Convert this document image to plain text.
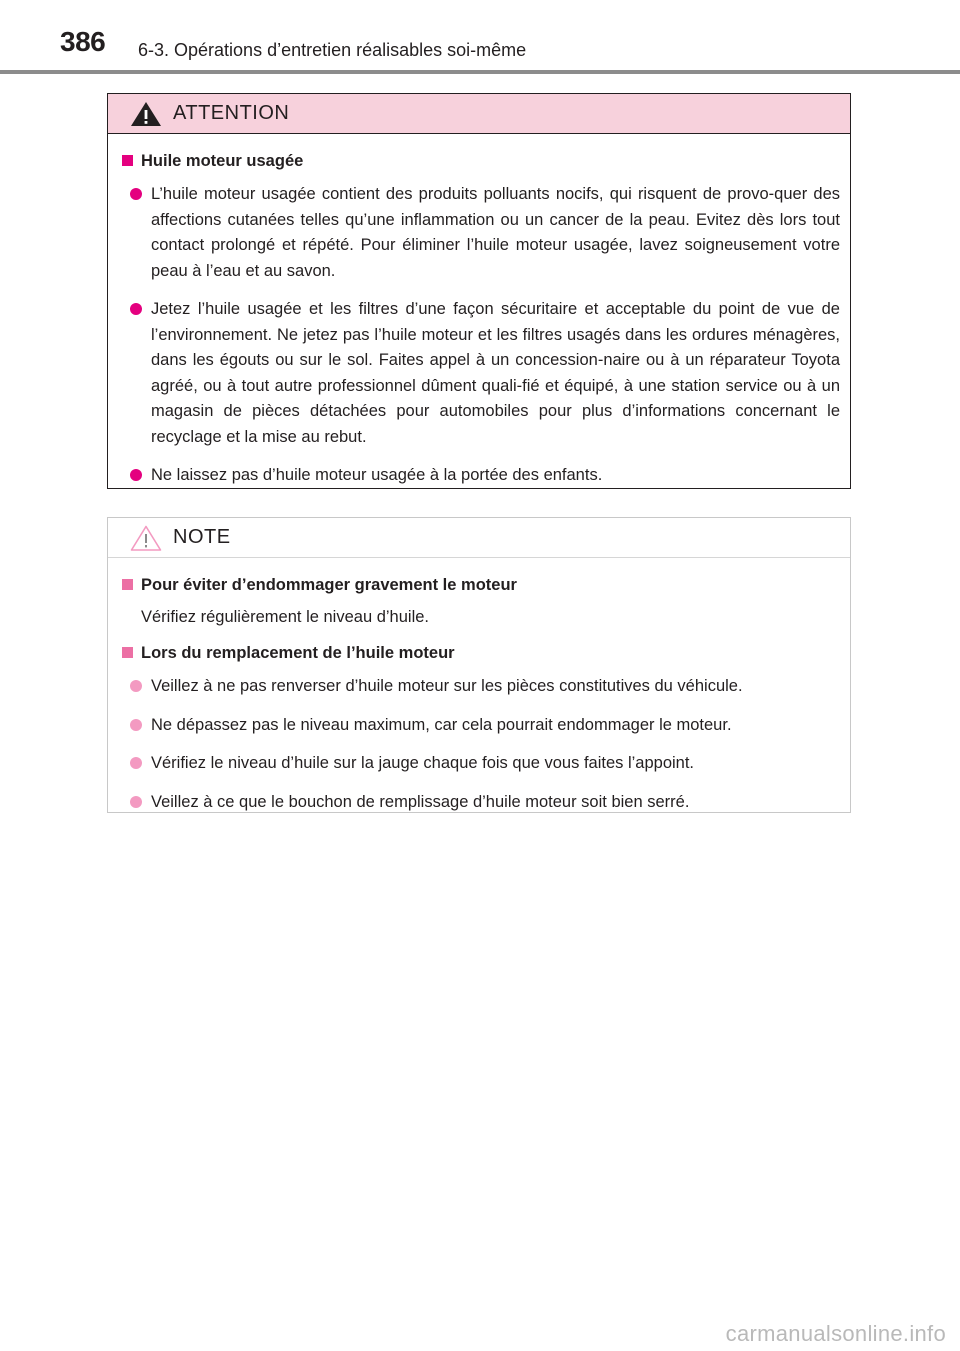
386 6-3. Opérations d’entretien réalisables soi-même
ATTENTION
Huile moteur usagée
L’huile moteur usagée contient des produits polluants nocifs, qui risquent de provo-quer des affections cutanées telles qu’une inflammation ou un cancer de la peau. Evitez dès lors tout contact prolongé et répété. Pour éliminer l’huile moteur usagée, lavez soigneusement votre peau à l’eau et au savon.
Jetez l’huile usagée et les filtres d’une façon sécuritaire et acceptable du point de vue de l’environnement. Ne jetez pas l’huile moteur et les filtres usagés dans les ordures ménagères, dans les égouts ou sur le sol. Faites appel à un concession-naire ou à un réparateur Toyota agréé, ou à tout autre professionnel dûment quali-fié et équipé, à une station service ou à un magasin de pièces détachées pour automobiles pour plus d’informations concernant le recyclage et la mise au rebut.
Ne laissez pas d’huile moteur usagée à la portée des enfants.
NOTE
Pour éviter d’endommager gravement le moteur
Vérifiez régulièrement le niveau d’huile.
Lors du remplacement de l’huile moteur
Veillez à ne pas renverser d’huile moteur sur les pièces constitutives du véhicule.
Ne dépassez pas le niveau maximum, car cela pourrait endommager le moteur.
Vérifiez le niveau d’huile sur la jauge chaque fois que vous faites l’appoint.
Veillez à ce que le bouchon de remplissage d’huile moteur soit bien serré.
carmanualsonline.info
